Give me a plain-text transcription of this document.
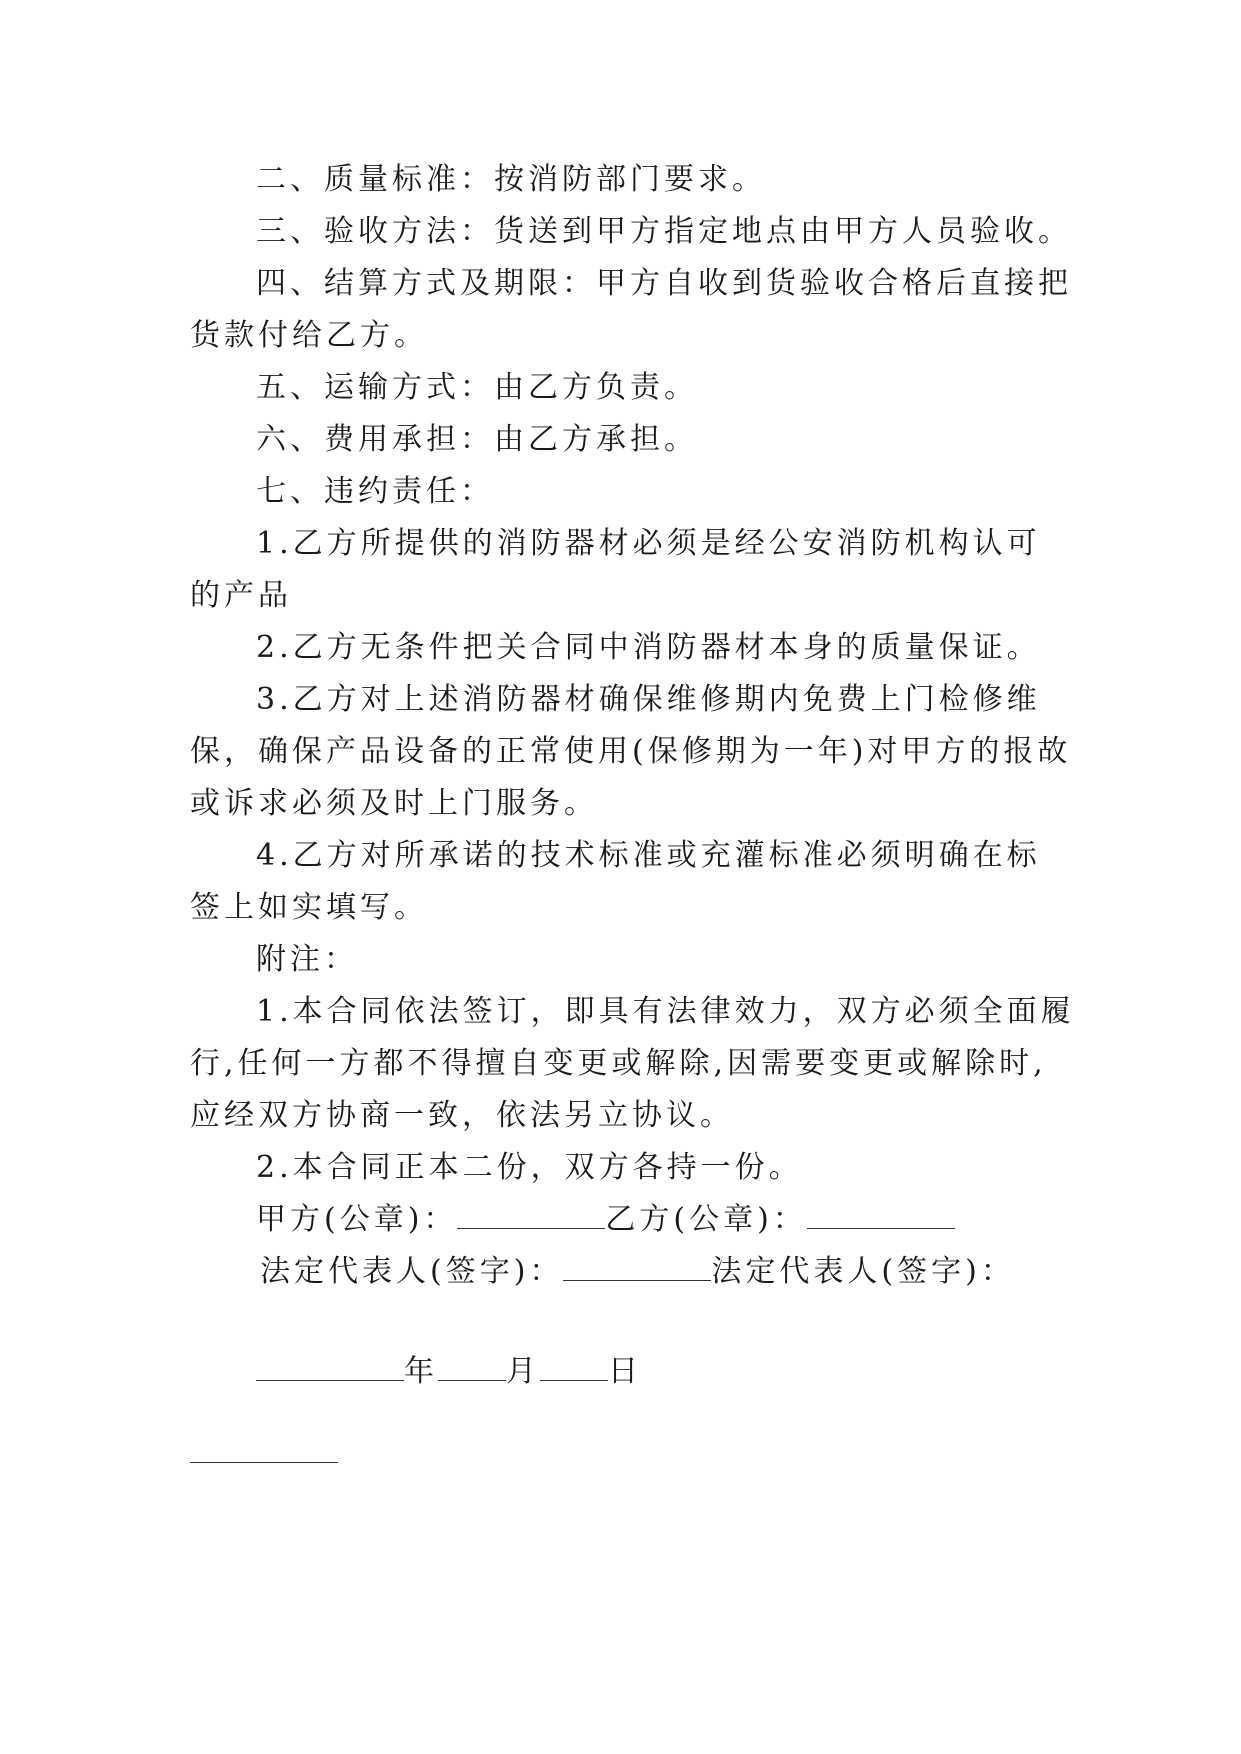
二、质量标准：按消防部门要求。
三、验收方法：货送到甲方指定地点由甲方人员验收。
四、结算方式及期限：甲方自收到货验收合格后直接把
货款付给乙方。
五、运输方式：由乙方负责。
六、费用承担：由乙方承担。
七、违约责任：
1.乙方所提供的消防器材必须是经公安消防机构认可
的产品
2.乙方无条件把关合同中消防器材本身的质量保证。
3.乙方对上述消防器材确保维修期内免费上门检修维
保，确保产品设备的正常使用(保修期为一年)对甲方的报故
或诉求必须及时上门服务。
4.乙方对所承诺的技术标准或充灌标准必须明确在标
签上如实填写。
附注：
1.本合同依法签订，即具有法律效力，双方必须全面履
行,任何一方都不得擅自变更或解除,因需要变更或解除时,
应经双方协商一致，依法另立协议。
2.本合同正本二份，双方各持一份。
甲方(公章)：	乙方(公章)：
法定代表人(签字)：	法定代表人(签字)：
年 月 日
